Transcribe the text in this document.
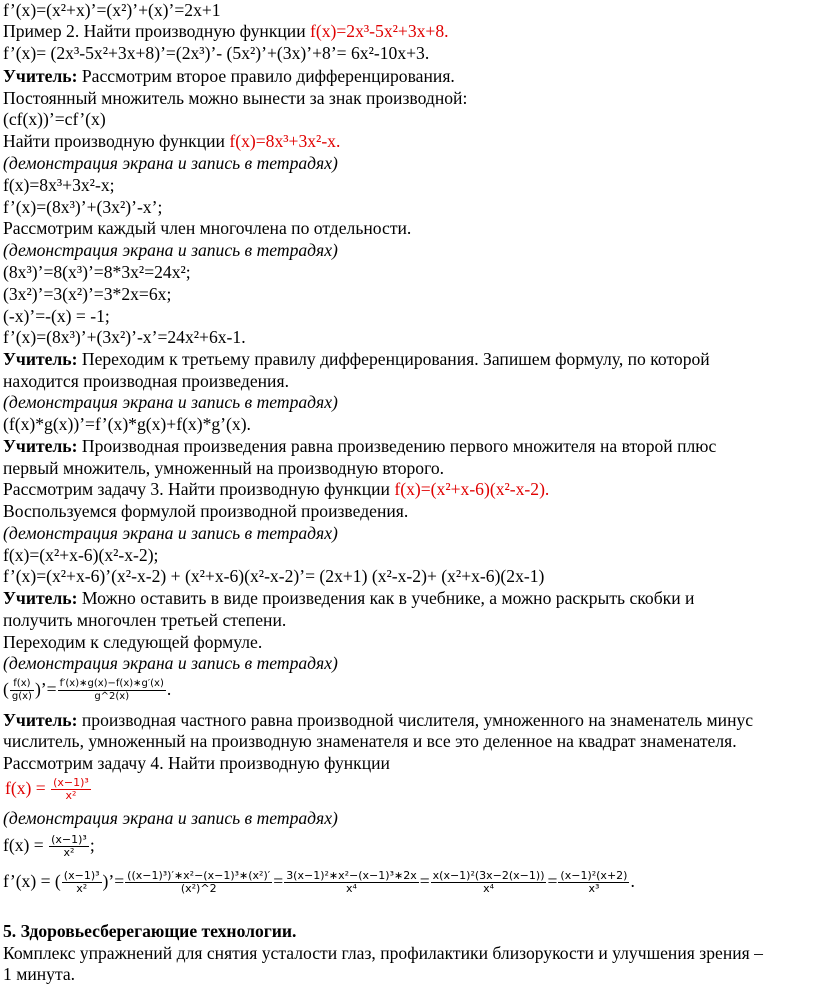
f’(x)=(x²+x)’=(x²)’+(x)’=2x+1
Пример 2. Найти производную функции f(x)=2x³-5x²+3x+8.
f’(x)= (2x³-5x²+3x+8)’=(2x³)’- (5x²)’+(3x)’+8’= 6x²-10x+3.
Учитель: Рассмотрим второе правило дифференцирования.
Постоянный множитель можно вынести за знак производной:
(cf(x))’=cf’(x)
Найти производную функции f(x)=8x³+3x²-x.
(демонстрация экрана и запись в тетрадях)
f(x)=8x³+3x²-x;
f’(x)=(8x³)’+(3x²)’-x’;
Рассмотрим каждый член многочлена по отдельности.
(демонстрация экрана и запись в тетрадях)
(8x³)’=8(x³)’=8*3x²=24x²;
(3x²)’=3(x²)’=3*2x=6x;
(-x)’=-(x) = -1;
f’(x)=(8x³)’+(3x²)’-x’=24x²+6x-1.
Учитель: Переходим к третьему правилу дифференцирования. Запишем формулу, по которой
находится производная произведения.
(демонстрация экрана и запись в тетрадях)
(f(x)*g(x))’=f’(x)*g(x)+f(x)*g’(x).
Учитель: Производная произведения равна произведению первого множителя на второй плюс
первый множитель, умноженный на производную второго.
Рассмотрим задачу 3. Найти производную функции f(x)=(x²+x-6)(x²-x-2).
Воспользуемся формулой производной произведения.
(демонстрация экрана и запись в тетрадях)
f(x)=(x²+x-6)(x²-x-2);
f’(x)=(x²+x-6)’(x²-x-2) + (x²+x-6)(x²-x-2)’= (2x+1) (x²-x-2)+ (x²+x-6)(2x-1)
Учитель: Можно оставить в виде произведения как в учебнике, а можно раскрыть скобки и
получить многочлен третьей степени.
Переходим к следующей формуле.
(демонстрация экрана и запись в тетрадях)
( $\frac{f(x)}{g(x)}$ )’= $\frac{f'(x)∗g(x)-f(x)∗g'(x)}{g\^{}2(x)}$ .
Учитель: производная частного равна производной числителя, умноженного на знаменатель минус
числитель, умноженный на производную знаменателя и все это деленное на квадрат знаменателя.
Рассмотрим задачу 4. Найти производную функции
$f(x) = \frac{\text{(x−1)³}}{\text{x²}}$
(демонстрация экрана и запись в тетрадях)
$f(x) = \frac{\text{(x−1)³}}{\text{x²}}$ ;
f’(x) = ( $\frac{\text{(x−1)³}}{\text{x²}}$ )’= $\frac{\text{((x−1)³)′∗x²−(x−1)³∗(x²)′}}{\text{(x²)\textasciicircum{}2}} = \frac{\text{3(x−1)²∗x²−(x−1)³∗2x}}{\text{x⁴}} = \frac{\text{x(x−1)²(3x−2(x−1))}}{\text{x⁴}} = \frac{\text{(x−1)²(x+2)}}{\text{x³}}$ .
5. Здоровьесберегающие технологии.
Комплекс упражнений для снятия усталости глаз, профилактики близорукости и улучшения зрения –
1 минута.
